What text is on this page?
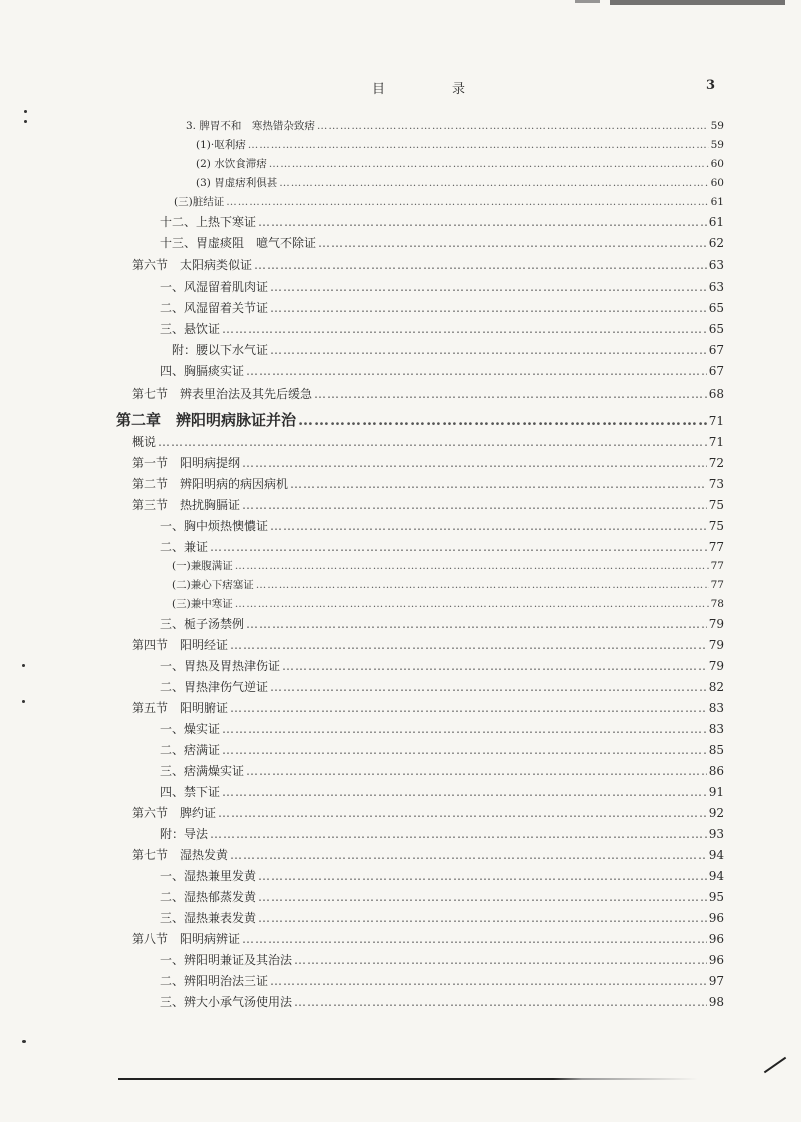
目	录	3
3. 脾胃不和　寒热错杂致痞 …………………………………………………………………………………………………………………………………………………………………………………………………………………	59
(1)· 呕利痞 …………………………………………………………………………………………………………………………………………………………………………………………………………………	59
(2) 水饮食滞痞 …………………………………………………………………………………………………………………………………………………………………………………………………………………	60
(3) 胃虚痞利俱甚 …………………………………………………………………………………………………………………………………………………………………………………………………………………	60
(三) 脏结证 …………………………………………………………………………………………………………………………………………………………………………………………………………………	61
十二、 上热下寒证 …………………………………………………………………………………………………………………………………………………………………………………………………………………	61
十三、 胃虚痰阻　噫气不除证 …………………………………………………………………………………………………………………………………………………………………………………………………………………	62
第六节　 太阳病类似证 …………………………………………………………………………………………………………………………………………………………………………………………………………………	63
一、 风湿留着肌肉证 …………………………………………………………………………………………………………………………………………………………………………………………………………………	63
二、 风湿留着关节证 …………………………………………………………………………………………………………………………………………………………………………………………………………………	65
三、 悬饮证 …………………………………………………………………………………………………………………………………………………………………………………………………………………	65
附： 腰以下水气证 …………………………………………………………………………………………………………………………………………………………………………………………………………………	67
四、 胸膈痰实证 …………………………………………………………………………………………………………………………………………………………………………………………………………………	67
第七节　 辨表里治法及其先后缓急 …………………………………………………………………………………………………………………………………………………………………………………………………………………	68
第二章　 辨阳明病脉证并治 …………………………………………………………………………………………………………………………………………………………………………………………………………………	71
概说 …………………………………………………………………………………………………………………………………………………………………………………………………………………	71
第一节　 阳明病提纲 …………………………………………………………………………………………………………………………………………………………………………………………………………………	72
第二节　 辨阳明病的病因病机 …………………………………………………………………………………………………………………………………………………………………………………………………………………	73
第三节　 热扰胸膈证 …………………………………………………………………………………………………………………………………………………………………………………………………………………	75
一、 胸中烦热懊憹证 …………………………………………………………………………………………………………………………………………………………………………………………………………………	75
二、 兼证 …………………………………………………………………………………………………………………………………………………………………………………………………………………	77
(一) 兼腹满证 …………………………………………………………………………………………………………………………………………………………………………………………………………………	77
(二) 兼心下痞塞证 …………………………………………………………………………………………………………………………………………………………………………………………………………………	77
(三) 兼中寒证 …………………………………………………………………………………………………………………………………………………………………………………………………………………	78
三、 栀子汤禁例 …………………………………………………………………………………………………………………………………………………………………………………………………………………	79
第四节　 阳明经证 …………………………………………………………………………………………………………………………………………………………………………………………………………………	79
一、 胃热及胃热津伤证 …………………………………………………………………………………………………………………………………………………………………………………………………………………	79
二、 胃热津伤气逆证 …………………………………………………………………………………………………………………………………………………………………………………………………………………	82
第五节　 阳明腑证 …………………………………………………………………………………………………………………………………………………………………………………………………………………	83
一、 燥实证 …………………………………………………………………………………………………………………………………………………………………………………………………………………	83
二、 痞满证 …………………………………………………………………………………………………………………………………………………………………………………………………………………	85
三、 痞满燥实证 …………………………………………………………………………………………………………………………………………………………………………………………………………………	86
四、 禁下证 …………………………………………………………………………………………………………………………………………………………………………………………………………………	91
第六节　 脾约证 …………………………………………………………………………………………………………………………………………………………………………………………………………………	92
附： 导法 …………………………………………………………………………………………………………………………………………………………………………………………………………………	93
第七节　 湿热发黄 …………………………………………………………………………………………………………………………………………………………………………………………………………………	94
一、 湿热兼里发黄 …………………………………………………………………………………………………………………………………………………………………………………………………………………	94
二、 湿热郁蒸发黄 …………………………………………………………………………………………………………………………………………………………………………………………………………………	95
三、 湿热兼表发黄 …………………………………………………………………………………………………………………………………………………………………………………………………………………	96
第八节　 阳明病辨证 …………………………………………………………………………………………………………………………………………………………………………………………………………………	96
一、 辨阳明兼证及其治法 …………………………………………………………………………………………………………………………………………………………………………………………………………………	96
二、 辨阳明治法三证 …………………………………………………………………………………………………………………………………………………………………………………………………………………	97
三、 辨大小承气汤使用法 …………………………………………………………………………………………………………………………………………………………………………………………………………………	98
